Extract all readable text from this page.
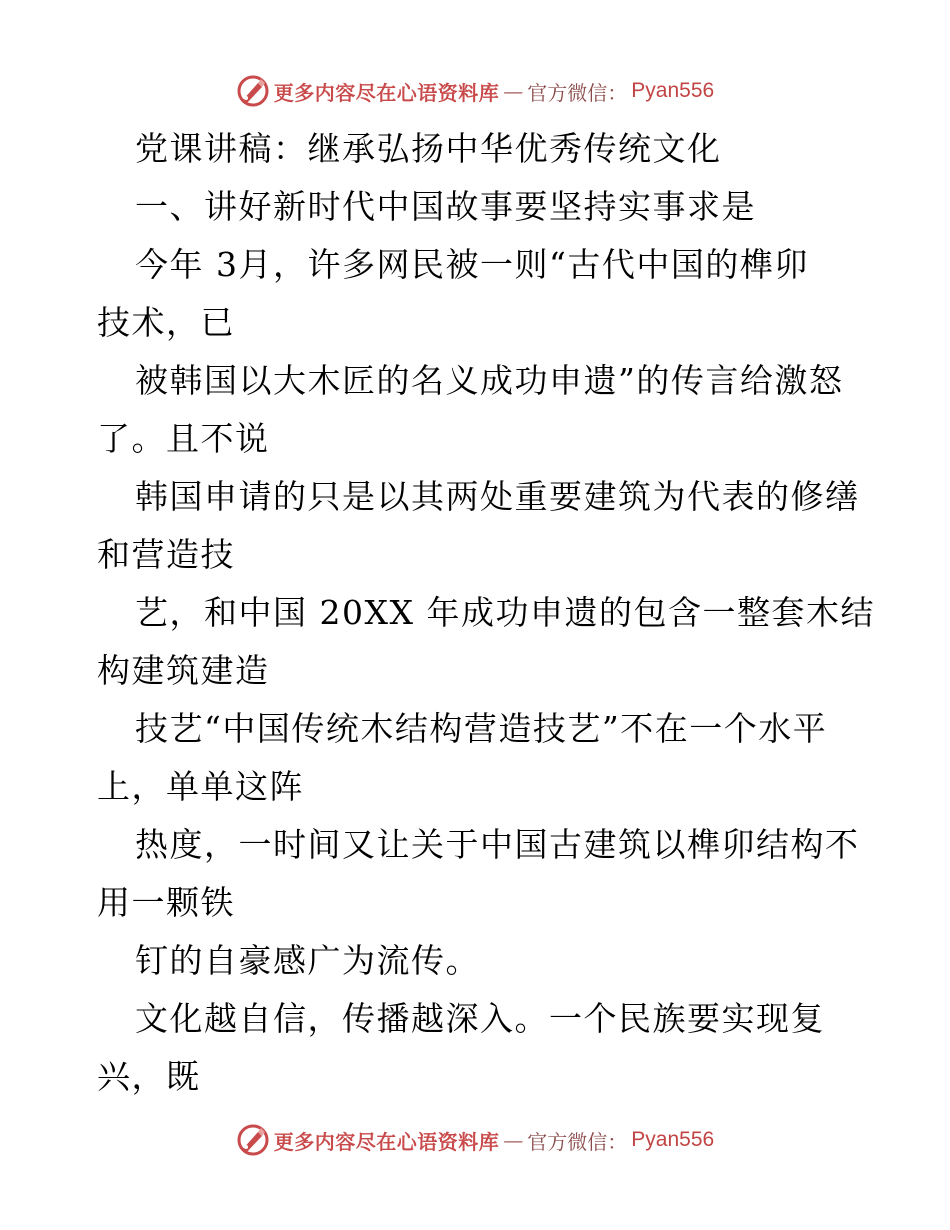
更多内容尽在心语资料库 — 官方微信： Pyan556
党课讲稿：继承弘扬中华优秀传统文化
一、讲好新时代中国故事要坚持实事求是
今年 3月，许多网民被一则“古代中国的榫卯
技术，已
被韩国以大木匠的名义成功申遗”的传言给激怒
了。且不说
韩国申请的只是以其两处重要建筑为代表的修缮
和营造技
艺，和中国 20XX 年成功申遗的包含一整套木结
构建筑建造
技艺“中国传统木结构营造技艺”不在一个水平
上，单单这阵
热度，一时间又让关于中国古建筑以榫卯结构不
用一颗铁
钉的自豪感广为流传。
文化越自信，传播越深入。一个民族要实现复
兴，既
更多内容尽在心语资料库 — 官方微信： Pyan556
